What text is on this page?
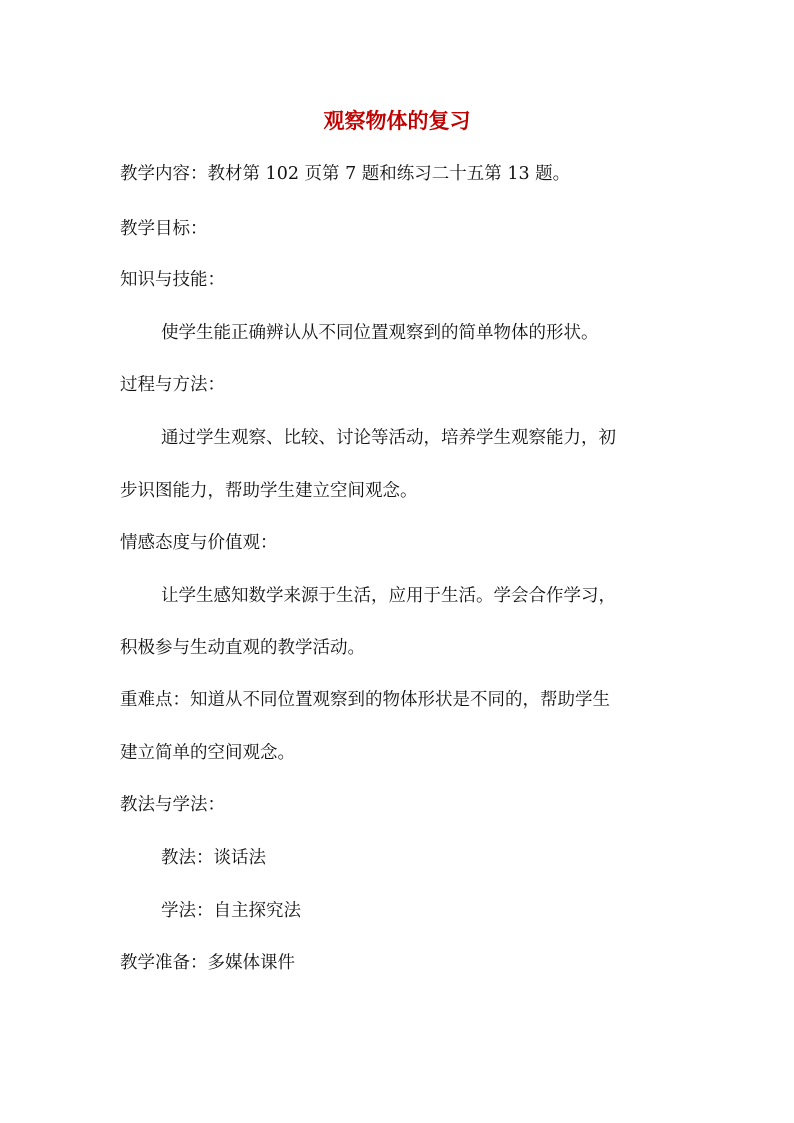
观察物体的复习
教学内容：教材第 102 页第 7 题和练习二十五第 13 题。
教学目标：
知识与技能：
使学生能正确辨认从不同位置观察到的简单物体的形状。
过程与方法：
通过学生观察、比较、讨论等活动，培养学生观察能力，初
步识图能力，帮助学生建立空间观念。
情感态度与价值观：
让学生感知数学来源于生活，应用于生活。学会合作学习，
积极参与生动直观的教学活动。
重难点：知道从不同位置观察到的物体形状是不同的，帮助学生
建立简单的空间观念。
教法与学法：
教法：谈话法
学法：自主探究法
教学准备：多媒体课件
